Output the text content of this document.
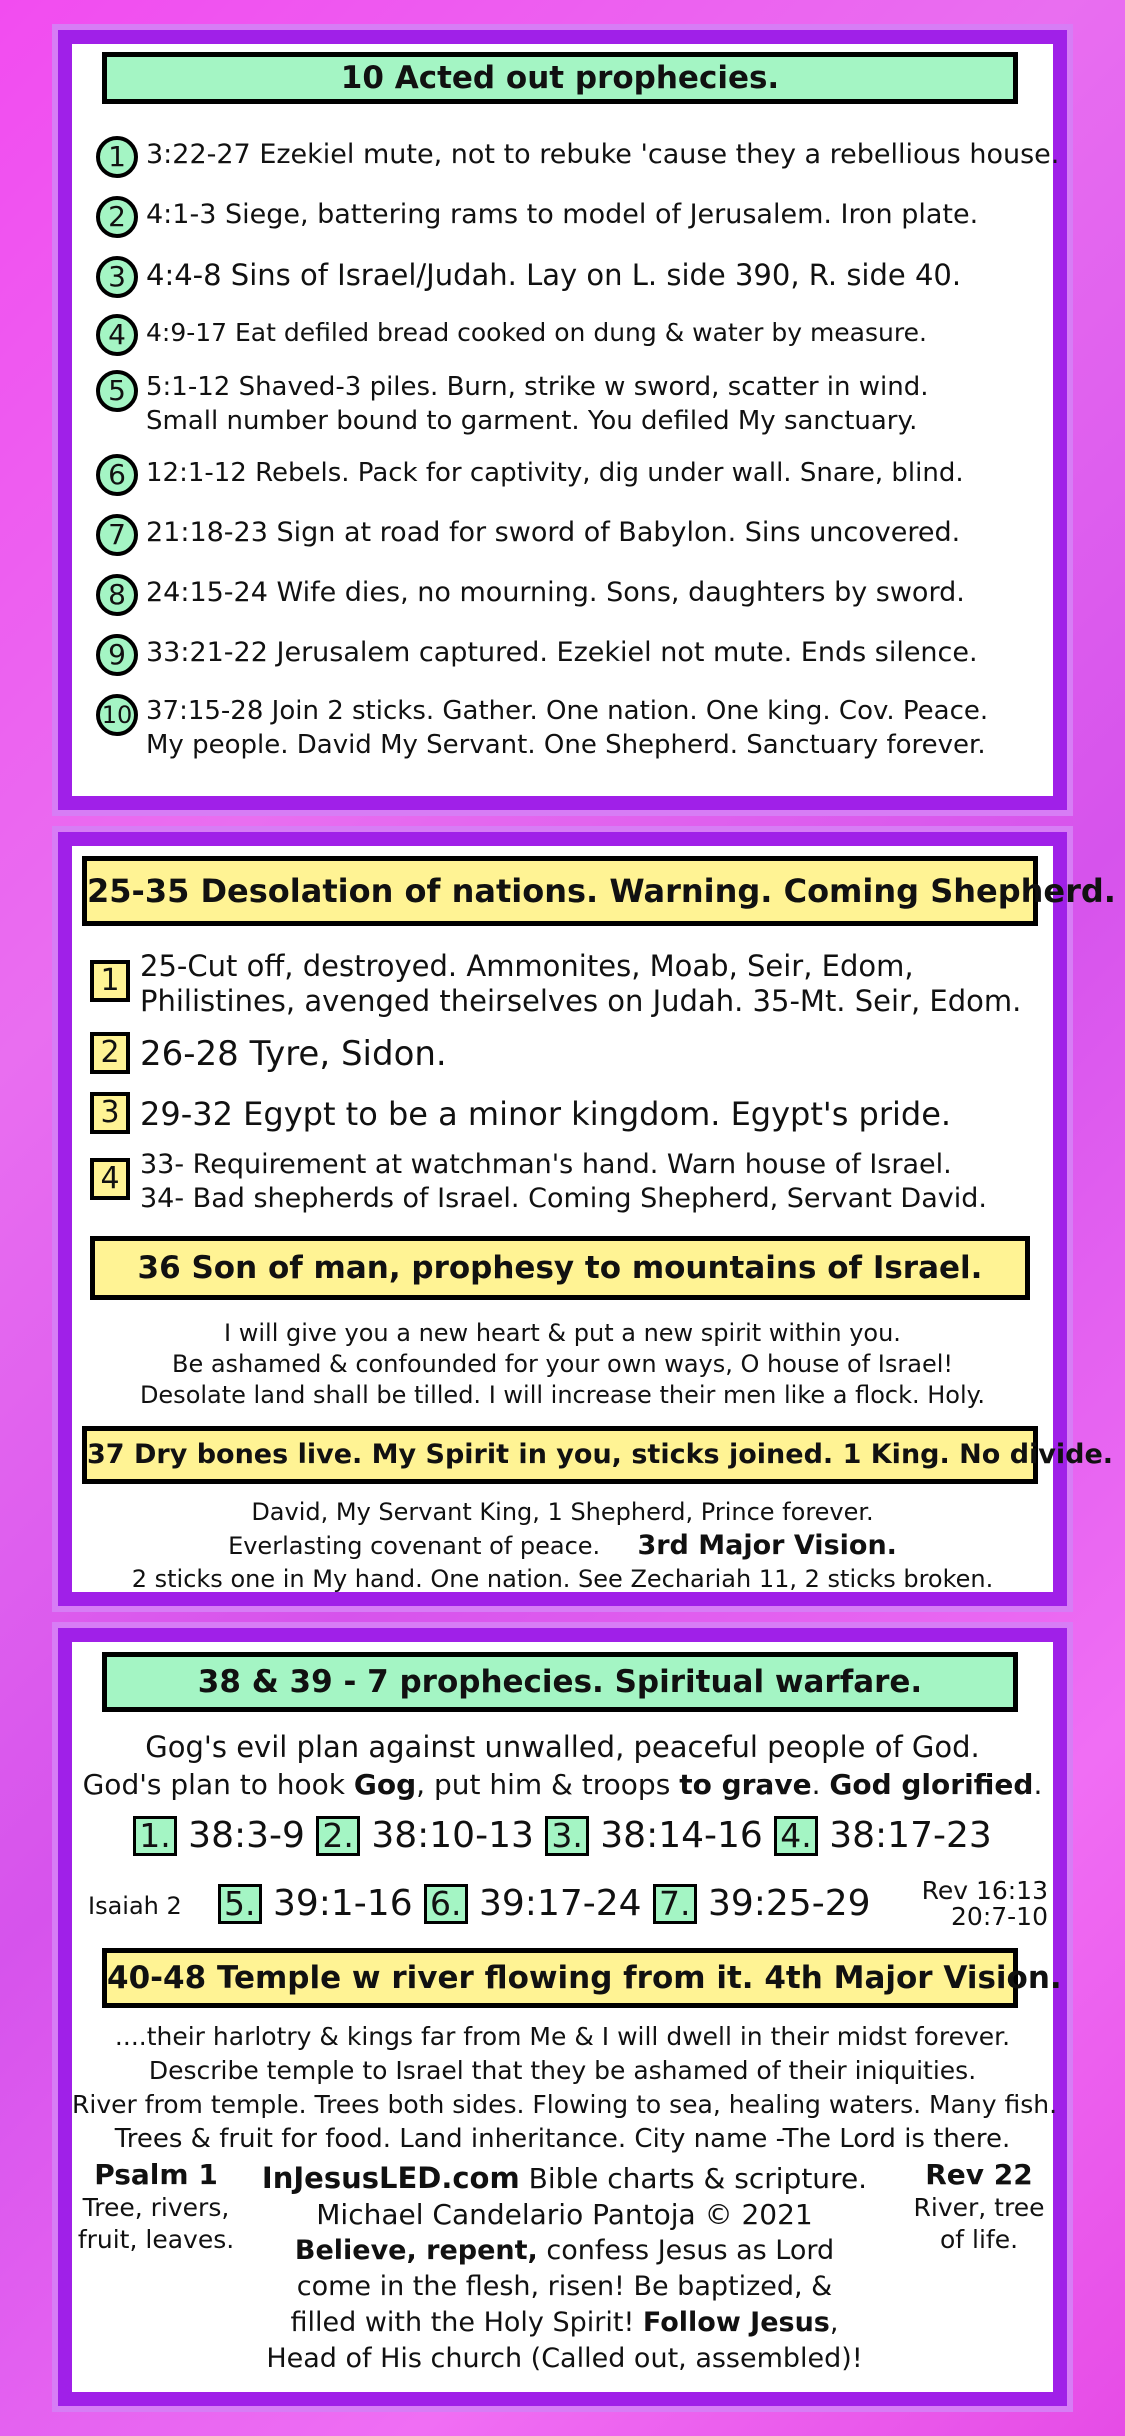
10 Acted out prophecies.
1 3:22-27 Ezekiel mute, not to rebuke 'cause they a rebellious house.
2 4:1-3 Siege, battering rams to model of Jerusalem. Iron plate.
3 4:4-8 Sins of Israel/Judah. Lay on L. side 390, R. side 40.
4 4:9-17 Eat defiled bread cooked on dung & water by measure.
5 5:1-12 Shaved-3 piles. Burn, strike w sword, scatter in wind.
Small number bound to garment. You defiled My sanctuary.
6 12:1-12 Rebels. Pack for captivity, dig under wall. Snare, blind.
7 21:18-23 Sign at road for sword of Babylon. Sins uncovered.
8 24:15-24 Wife dies, no mourning. Sons, daughters by sword.
9 33:21-22 Jerusalem captured. Ezekiel not mute. Ends silence.
10 37:15-28 Join 2 sticks. Gather. One nation. One king. Cov. Peace.
My people. David My Servant. One Shepherd. Sanctuary forever.
25-35 Desolation of nations. Warning. Coming Shepherd.
1 25-Cut off, destroyed. Ammonites, Moab, Seir, Edom,
Philistines, avenged theirselves on Judah. 35-Mt. Seir, Edom.
2 26-28 Tyre, Sidon.
3 29-32 Egypt to be a minor kingdom. Egypt's pride.
4 33- Requirement at watchman's hand. Warn house of Israel.
34- Bad shepherds of Israel. Coming Shepherd, Servant David.
36 Son of man, prophesy to mountains of Israel.
I will give you a new heart & put a new spirit within you.
Be ashamed & confounded for your own ways, O house of Israel!
Desolate land shall be tilled. I will increase their men like a flock. Holy.
37 Dry bones live. My Spirit in you, sticks joined. 1 King. No divide.
David, My Servant King, 1 Shepherd, Prince forever.
Everlasting covenant of peace. 3rd Major Vision.
2 sticks one in My hand. One nation. See Zechariah 11, 2 sticks broken.
38 & 39 - 7 prophecies. Spiritual warfare.
Gog's evil plan against unwalled, peaceful people of God.
God's plan to hook Gog, put him & troops to grave. God glorified.
1. 38:3-9 2. 38:10-13 3. 38:14-16 4. 38:17-23
Isaiah 2 5. 39:1-16 6. 39:17-24 7. 39:25-29 Rev 16:13
20:7-10
40-48 Temple w river flowing from it. 4th Major Vision.
....their harlotry & kings far from Me & I will dwell in their midst forever.
Describe temple to Israel that they be ashamed of their iniquities.
River from temple. Trees both sides. Flowing to sea, healing waters. Many fish.
Trees & fruit for food. Land inheritance. City name -The Lord is there.
Psalm 1
Tree, rivers,
fruit, leaves.
Rev 22
River, tree
of life.
InJesusLED.com Bible charts & scripture.
Michael Candelario Pantoja © 2021
Believe, repent, confess Jesus as Lord
come in the flesh, risen! Be baptized, &
filled with the Holy Spirit! Follow Jesus,
Head of His church (Called out, assembled)!
